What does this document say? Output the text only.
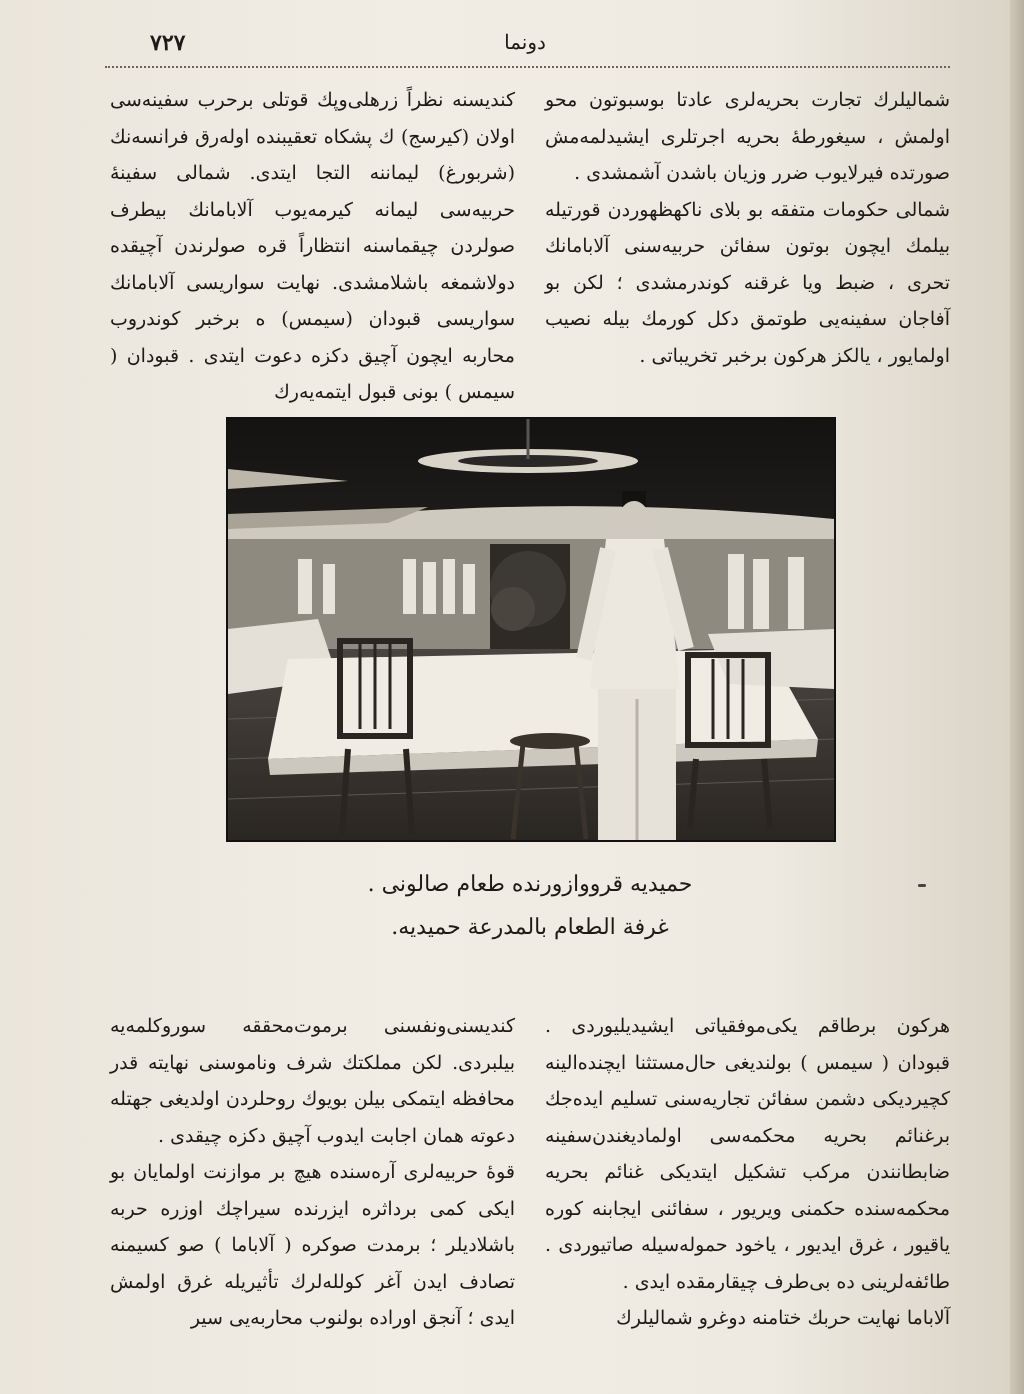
٧٢٧	دونما

شماليلرك تجارت بحريه‌لری عادتا بوسبوتون محو اولمش ، سیغورطهٔ بحريه اجرتلری ايشيدلمه‌مش صورتده فیرلايوب ضرر وزيان باشدن آشمشدی .

شمالی حکومات متفقه بو بلای ناکهظهوردن قورتيله بيلمك ايچون بوتون سفائن حربيه‌سنی آلابامانك تحرى ، ضبط ويا غرقنه كوندرمشدی ؛ لكن بو آفاجان سفينه‌يی طوتمق دكل كورمك بيله نصيب اولمايور ، يالكز هركون برخبر تخريباتی .

كنديسنه نظراً زرهلی‌وپك قوتلی برحرب سفينه‌سی اولان (كيرسج) ك پشكاه تعقيبنده اوله‌رق فرانسه‌نك (شربورغ) ليماننه التجا ايتدی. شمالی سفينهٔ حربيه‌سی ليمانه كيرمه‌يوب آلابامانك بيطرف صولردن چيقماسنه انتظاراً قره صولرندن آچيقده دولاشمغه باشلامشدی. نهايت سواريسی آلابامانك سواريسی قبودان (سيمس) ه برخبر كوندروب محاربه ايچون آچيق دكزه دعوت ايتدی . قبودان ( سيمس ) بونی قبول ايتمه‌يه‌رك

حميديه قرووازورنده طعام صالونی .
غرفة الطعام بالمدرعة حميديه.

هركون برطاقم يكی‌موفقياتی ايشيديليوردی . قبودان ( سيمس ) بولنديغی حال‌مستثنا ايچنده‌الينه كچيرديكی دشمن سفائن تجاريه‌سنی تسليم ايده‌جك برغنائم بحريه محكمه‌سی اولماديغندن‌سفينه ضابطانندن مركب تشكيل ايتديكی غنائم بحريه محكمه‌سنده حكمنی ويريور ، سفائنی ايجابنه كوره ياقيور ، غرق ايديور ، ياخود حموله‌سيله صاتيوردی . طائفه‌لرينی ده بی‌طرف چيقارمقده ايدی .

آلاباما نهايت حربك ختامنه دوغرو شماليلرك

كنديسنی‌ونفسنی برموت‌محققه سوروكلمه‌يه بيلبردی. لكن مملكتك شرف وناموسنی نهايته قدر محافظه ايتمكی بيلن بويوك روحلردن اولديغی جهتله دعوته همان اجابت ايدوب آچيق دكزه چيقدی .

قوهٔ حربيه‌لری آره‌سنده هيچ بر موازنت اولمايان بو ايكی كمی برداثره ايزرنده سيراچك اوزره حربه باشلاديلر ؛ برمدت صوكره ( آلاباما ) صو كسيمنه تصادف ايدن آغر كولله‌لرك تأثيريله غرق اولمش ايدی ؛ آنجق اوراده بولنوب محاربه‌يی سير
